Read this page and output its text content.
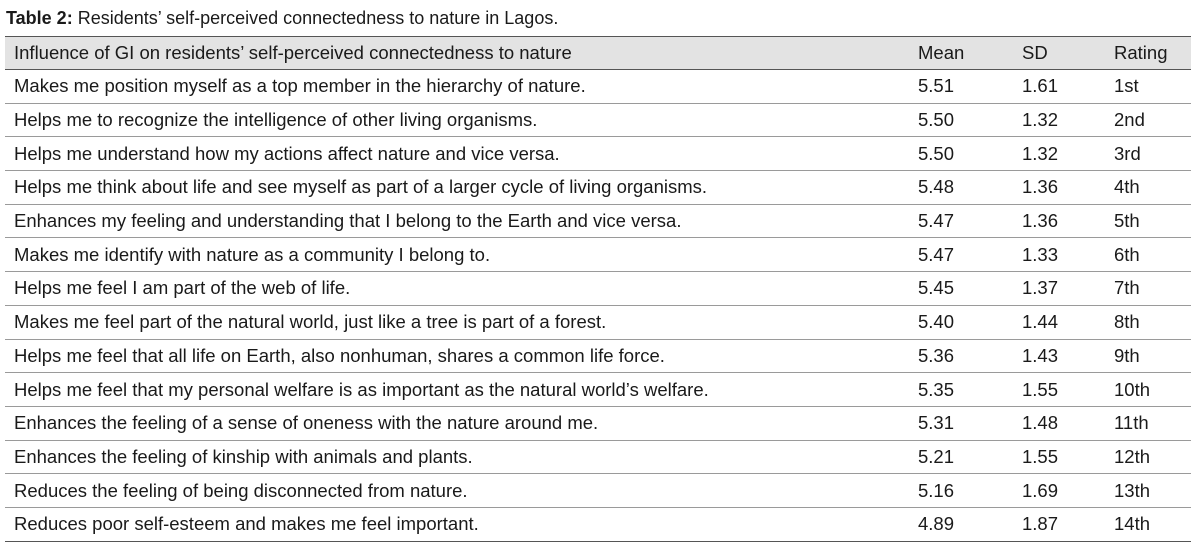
Table 2: Residents’ self-perceived connectedness to nature in Lagos.
Influence of GI on residents’ self-perceived connectedness to nature	Mean	SD	Rating
Makes me position myself as a top member in the hierarchy of nature.	5.51	1.61	1st
Helps me to recognize the intelligence of other living organisms.	5.50	1.32	2nd
Helps me understand how my actions affect nature and vice versa.	5.50	1.32	3rd
Helps me think about life and see myself as part of a larger cycle of living organisms.	5.48	1.36	4th
Enhances my feeling and understanding that I belong to the Earth and vice versa.	5.47	1.36	5th
Makes me identify with nature as a community I belong to.	5.47	1.33	6th
Helps me feel I am part of the web of life.	5.45	1.37	7th
Makes me feel part of the natural world, just like a tree is part of a forest.	5.40	1.44	8th
Helps me feel that all life on Earth, also nonhuman, shares a common life force.	5.36	1.43	9th
Helps me feel that my personal welfare is as important as the natural world’s welfare.	5.35	1.55	10th
Enhances the feeling of a sense of oneness with the nature around me.	5.31	1.48	11th
Enhances the feeling of kinship with animals and plants.	5.21	1.55	12th
Reduces the feeling of being disconnected from nature.	5.16	1.69	13th
Reduces poor self-esteem and makes me feel important.	4.89	1.87	14th
